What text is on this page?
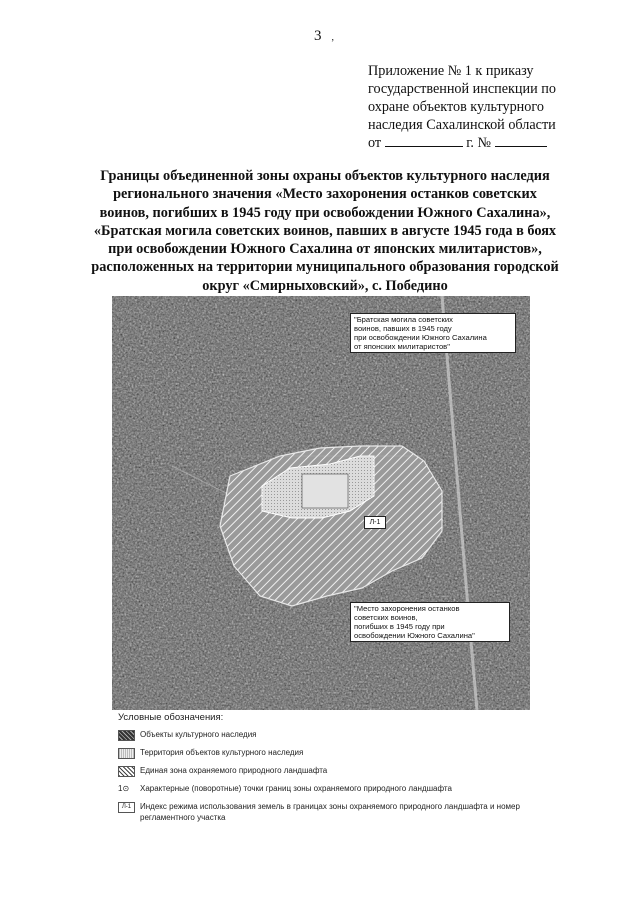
3 ,
Приложение № 1 к приказу
государственной инспекции по
охране объектов культурного
наследия Сахалинской области
от	г. №
Границы объединенной зоны охраны объектов культурного наследия
регионального значения «Место захоронения останков советских
воинов, погибших в 1945 году при освобождении Южного Сахалина»,
«Братская могила советских воинов, павших в августе 1945 года в боях
при освобождении Южного Сахалина от японских милитаристов»,
расположенных на территории муниципального образования городской
округ «Смирныховский», с. Победино
"Братская могила советских
воинов, павших в 1945 году
при освобождении Южного Сахалина
от японских милитаристов"
Л-1
"Место захоронения останков
советских воинов,
погибших в 1945 году при
освобождении Южного Сахалина"
Условные обозначения:
Объекты культурного наследия
Территория объектов культурного наследия
Единая зона охраняемого природного ландшафта
1⊙	Характерные (поворотные) точки границ зоны охраняемого природного ландшафта
Л-1	Индекс режима использования земель в границах зоны охраняемого природного ландшафта и номер регламентного участка
